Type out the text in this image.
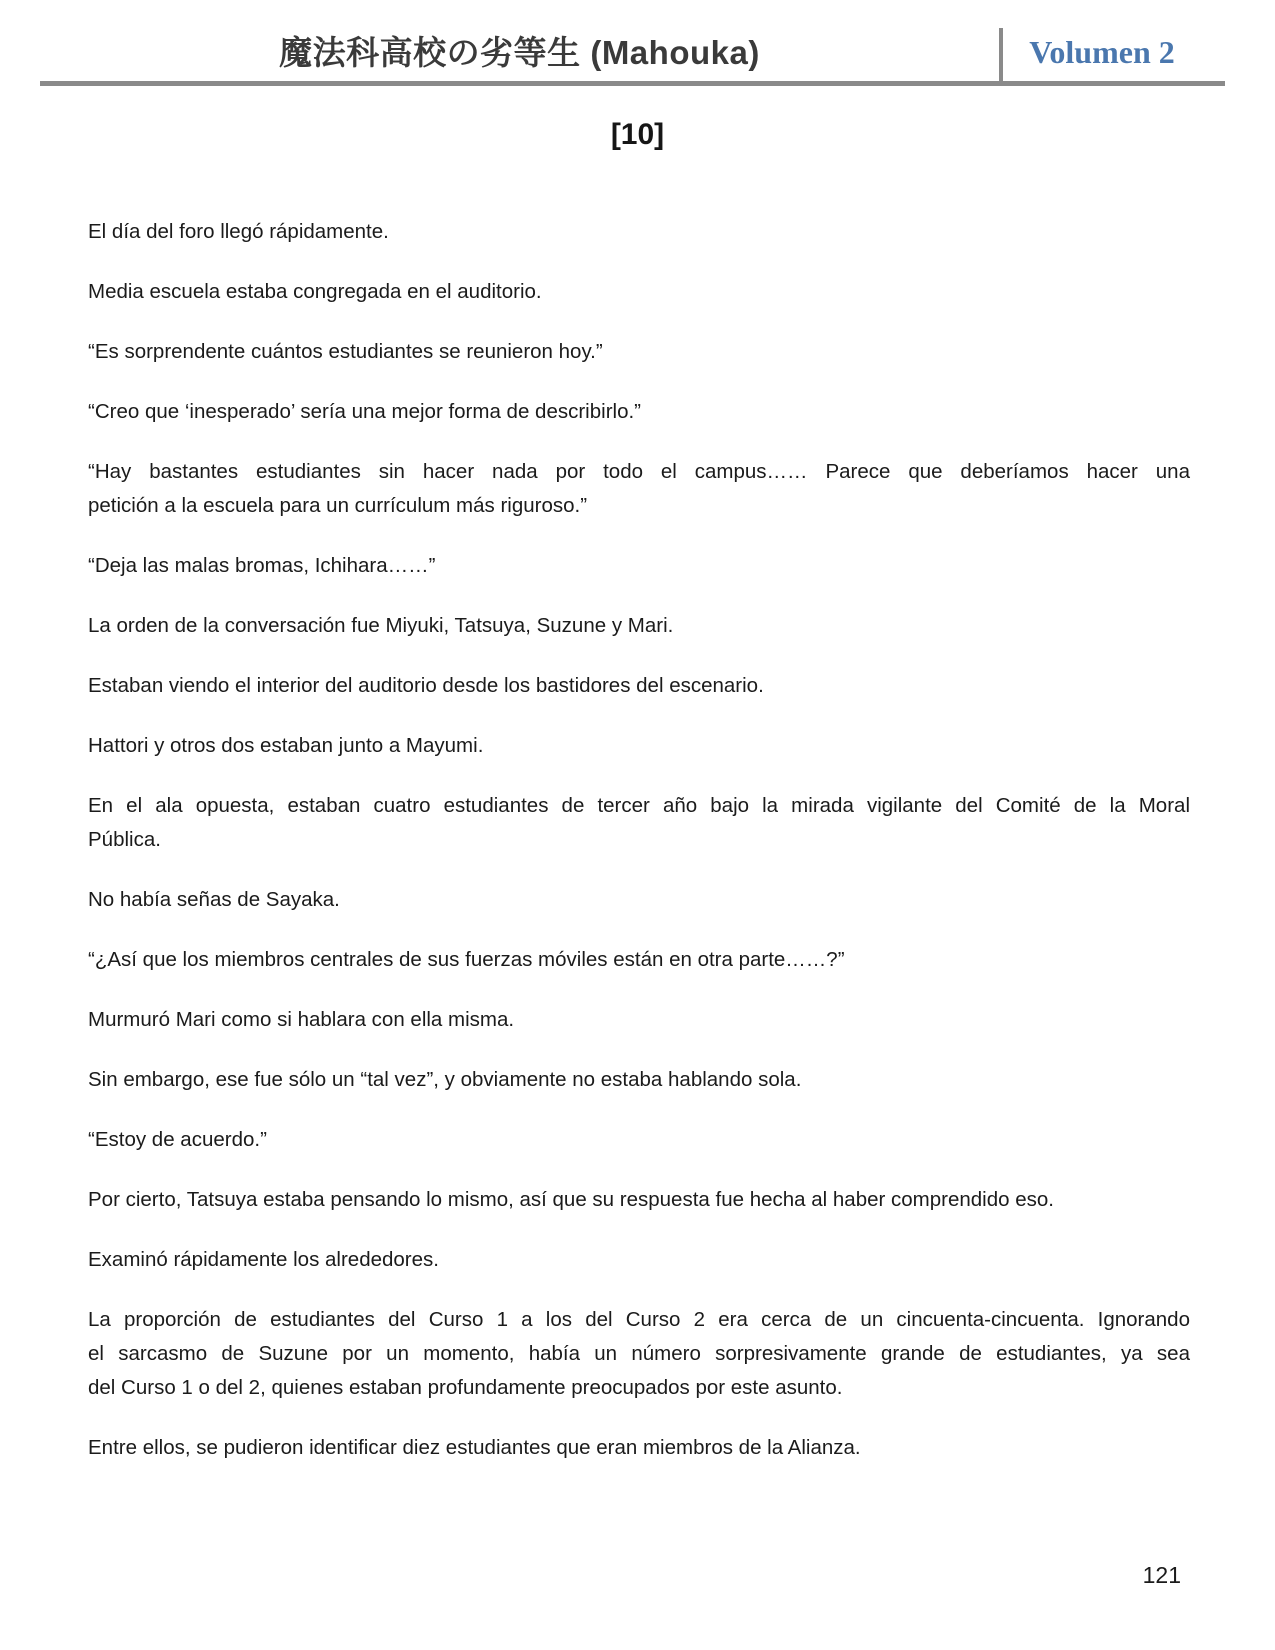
魔法科高校の劣等生 (Mahouka)	Volumen 2
[10]

El día del foro llegó rápidamente.

Media escuela estaba congregada en el auditorio.

“Es sorprendente cuántos estudiantes se reunieron hoy.”

“Creo que ‘inesperado’ sería una mejor forma de describirlo.”

“Hay bastantes estudiantes sin hacer nada por todo el campus…… Parece que deberíamos hacer una
petición a la escuela para un currículum más riguroso.”

“Deja las malas bromas, Ichihara……”

La orden de la conversación fue Miyuki, Tatsuya, Suzune y Mari.

Estaban viendo el interior del auditorio desde los bastidores del escenario.

Hattori y otros dos estaban junto a Mayumi.

En el ala opuesta, estaban cuatro estudiantes de tercer año bajo la mirada vigilante del Comité de la Moral
Pública.

No había señas de Sayaka.

“¿Así que los miembros centrales de sus fuerzas móviles están en otra parte……?”

Murmuró Mari como si hablara con ella misma.

Sin embargo, ese fue sólo un “tal vez”, y obviamente no estaba hablando sola.

“Estoy de acuerdo.”

Por cierto, Tatsuya estaba pensando lo mismo, así que su respuesta fue hecha al haber comprendido eso.

Examinó rápidamente los alrededores.

La proporción de estudiantes del Curso 1 a los del Curso 2 era cerca de un cincuenta-cincuenta. Ignorando
el sarcasmo de Suzune por un momento, había un número sorpresivamente grande de estudiantes, ya sea
del Curso 1 o del 2, quienes estaban profundamente preocupados por este asunto.

Entre ellos, se pudieron identificar diez estudiantes que eran miembros de la Alianza.

121
